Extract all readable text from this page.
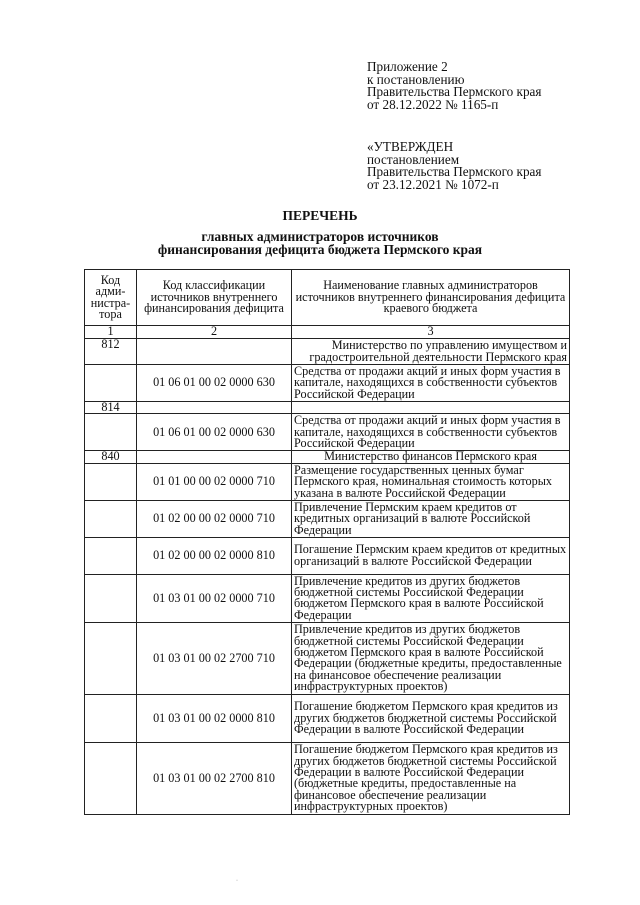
Приложение 2
к постановлению
Правительства Пермского края
от 28.12.2022 № 1165-п
«УТВЕРЖДЕН
постановлением
Правительства Пермского края
от 23.12.2021 № 1072-п
ПЕРЕЧЕНЬ
главных администраторов источников
финансирования дефицита бюджета Пермского края
Код адми-нистра-тора	Код классификации источников внутреннего финансирования дефицита	Наименование главных администраторов источников внутреннего финансирования дефицита краевого бюджета
1	2	3
812		Министерство по управлению имуществом и градостроительной деятельности Пермского края
	01 06 01 00 02 0000 630	Средства от продажи акций и иных форм участия в капитале, находящихся в собственности субъектов Российской Федерации
814		
	01 06 01 00 02 0000 630	Средства от продажи акций и иных форм участия в капитале, находящихся в собственности субъектов Российской Федерации
840		Министерство финансов Пермского края
	01 01 00 00 02 0000 710	Размещение государственных ценных бумаг Пермского края, номинальная стоимость которых указана в валюте Российской Федерации
	01 02 00 00 02 0000 710	Привлечение Пермским краем кредитов от кредитных организаций в валюте Российской Федерации
	01 02 00 00 02 0000 810	Погашение Пермским краем кредитов от кредитных организаций в валюте Российской Федерации
	01 03 01 00 02 0000 710	Привлечение кредитов из других бюджетов бюджетной системы Российской Федерации бюджетом Пермского края в валюте Российской Федерации
	01 03 01 00 02 2700 710	Привлечение кредитов из других бюджетов бюджетной системы Российской Федерации бюджетом Пермского края в валюте Российской Федерации (бюджетные кредиты, предоставленные на финансовое обеспечение реализации инфраструктурных проектов)
	01 03 01 00 02 0000 810	Погашение бюджетом Пермского края кредитов из других бюджетов бюджетной системы Российской Федерации в валюте Российской Федерации
	01 03 01 00 02 2700 810	Погашение бюджетом Пермского края кредитов из других бюджетов бюджетной системы Российской Федерации в валюте Российской Федерации (бюджетные кредиты, предоставленные на финансовое обеспечение реализации инфраструктурных проектов)
·
